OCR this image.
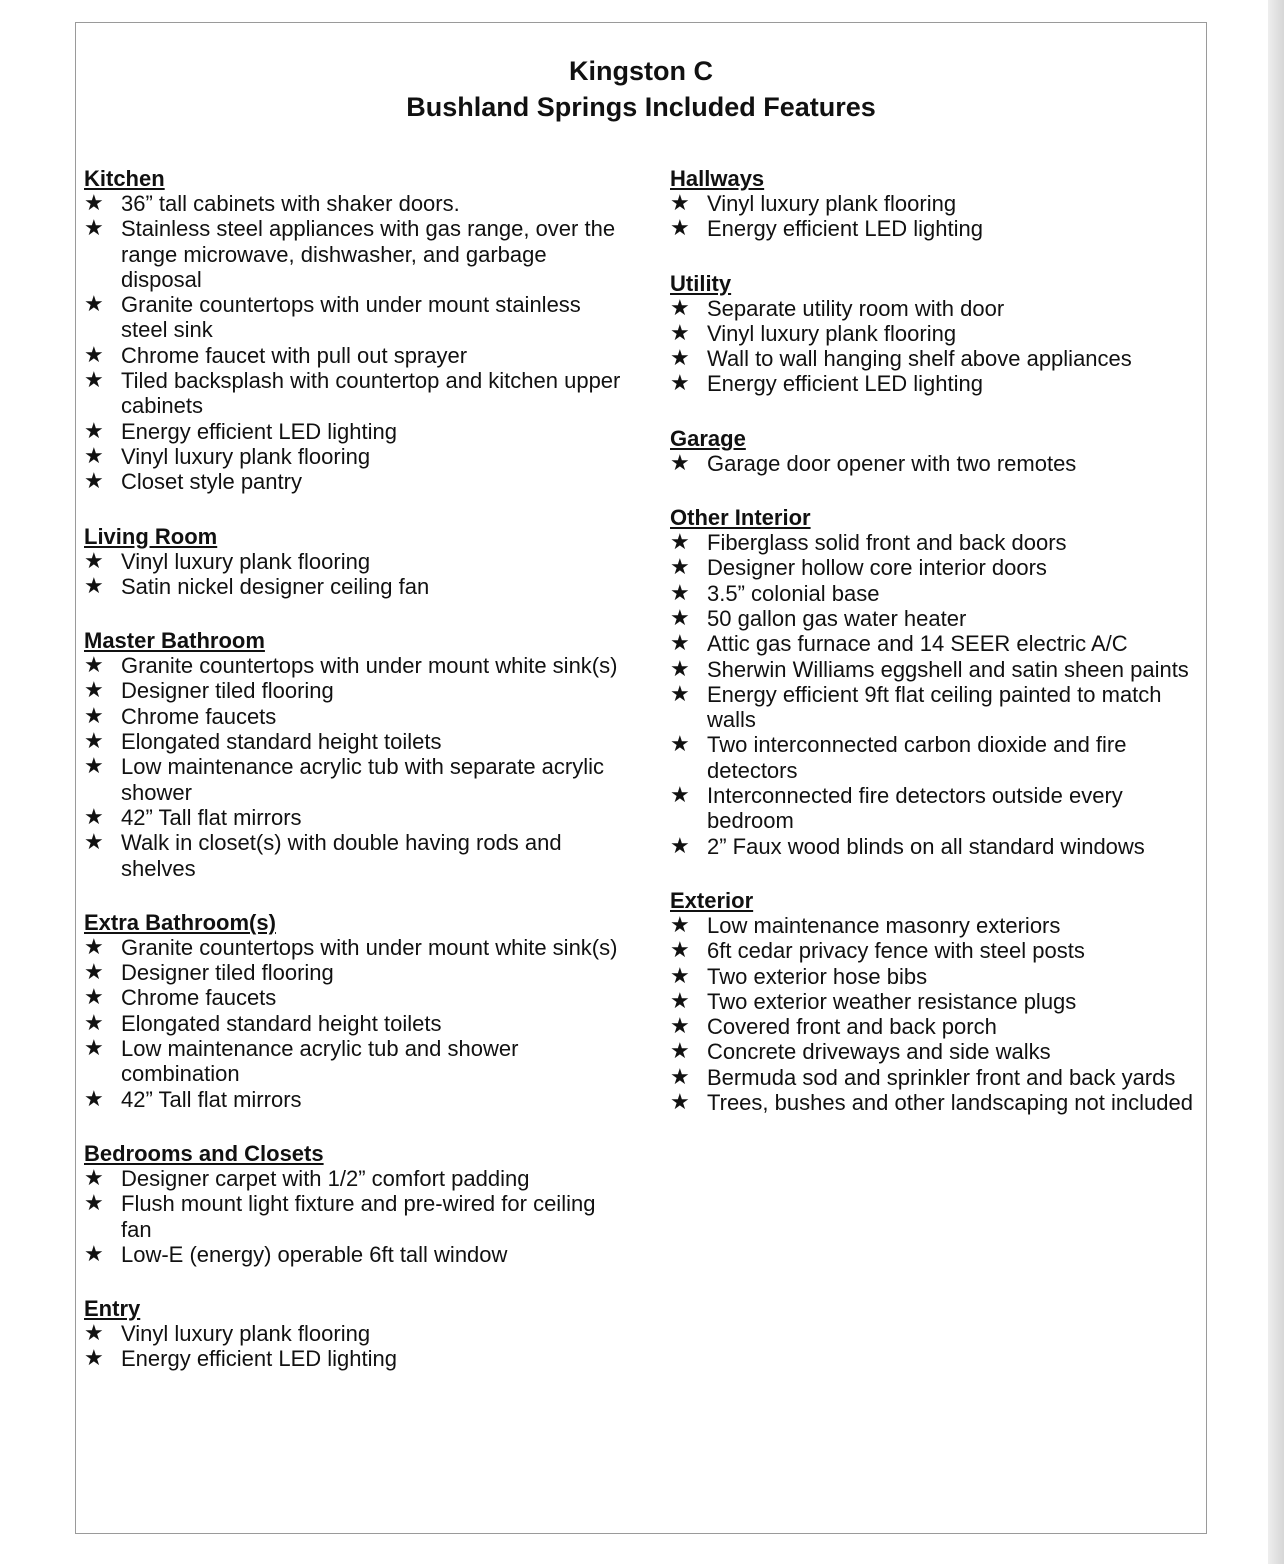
Kingston C
Bushland Springs Included Features
Kitchen
★ 36” tall cabinets with shaker doors.
★ Stainless steel appliances with gas range, over the range microwave, dishwasher, and garbage disposal
★ Granite countertops with under mount stainless steel sink
★ Chrome faucet with pull out sprayer
★ Tiled backsplash with countertop and kitchen upper cabinets
★ Energy efficient LED lighting
★ Vinyl luxury plank flooring
★ Closet style pantry
Living Room
★ Vinyl luxury plank flooring
★ Satin nickel designer ceiling fan
Master Bathroom
★ Granite countertops with under mount white sink(s)
★ Designer tiled flooring
★ Chrome faucets
★ Elongated standard height toilets
★ Low maintenance acrylic tub with separate acrylic shower
★ 42” Tall flat mirrors
★ Walk in closet(s) with double having rods and shelves
Extra Bathroom(s)
★ Granite countertops with under mount white sink(s)
★ Designer tiled flooring
★ Chrome faucets
★ Elongated standard height toilets
★ Low maintenance acrylic tub and shower combination
★ 42” Tall flat mirrors
Bedrooms and Closets
★ Designer carpet with 1/2” comfort padding
★ Flush mount light fixture and pre-wired for ceiling fan
★ Low-E (energy) operable 6ft tall window
Entry
★ Vinyl luxury plank flooring
★ Energy efficient LED lighting
Hallways
★ Vinyl luxury plank flooring
★ Energy efficient LED lighting
Utility
★ Separate utility room with door
★ Vinyl luxury plank flooring
★ Wall to wall hanging shelf above appliances
★ Energy efficient LED lighting
Garage
★ Garage door opener with two remotes
Other Interior
★ Fiberglass solid front and back doors
★ Designer hollow core interior doors
★ 3.5” colonial base
★ 50 gallon gas water heater
★ Attic gas furnace and 14 SEER electric A/C
★ Sherwin Williams eggshell and satin sheen paints
★ Energy efficient 9ft flat ceiling painted to match walls
★ Two interconnected carbon dioxide and fire detectors
★ Interconnected fire detectors outside every bedroom
★ 2” Faux wood blinds on all standard windows
Exterior
★ Low maintenance masonry exteriors
★ 6ft cedar privacy fence with steel posts
★ Two exterior hose bibs
★ Two exterior weather resistance plugs
★ Covered front and back porch
★ Concrete driveways and side walks
★ Bermuda sod and sprinkler front and back yards
★ Trees, bushes and other landscaping not included
